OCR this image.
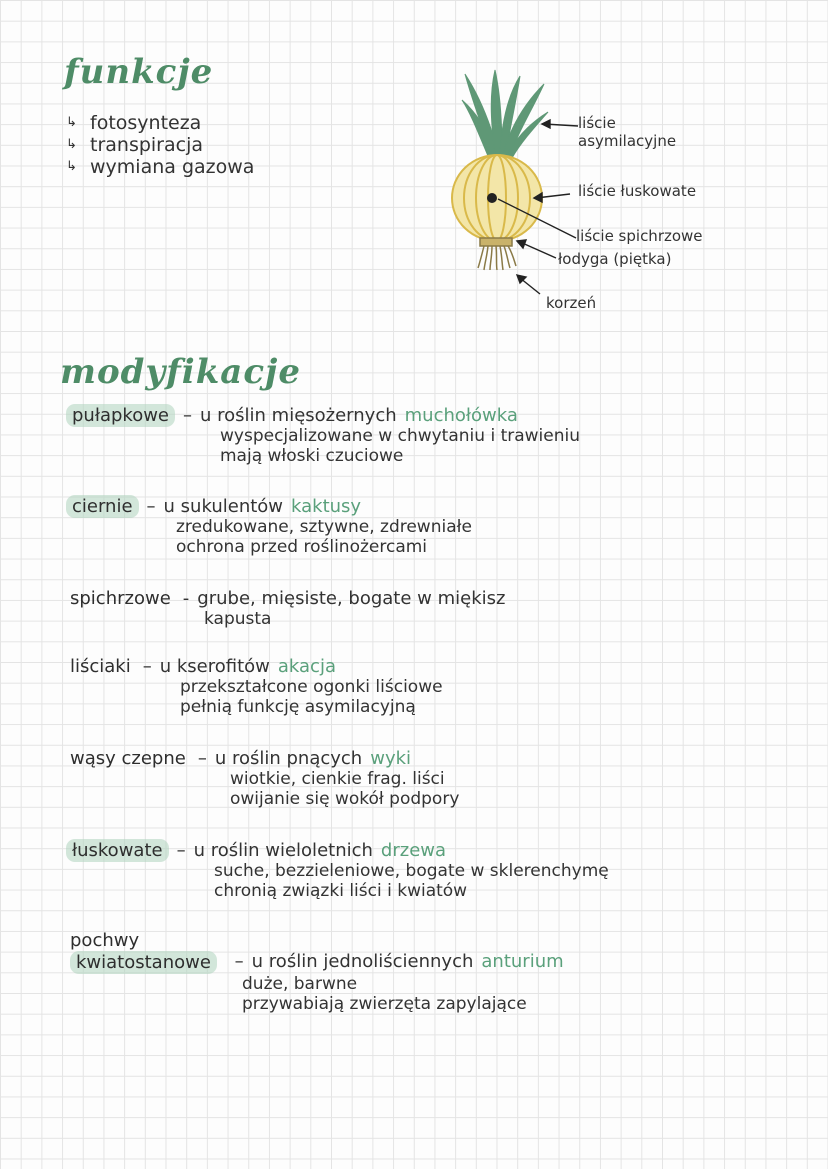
funkcje
↳ fotosynteza
↳ transpiracja
↳ wymiana gazowa
liście
asymilacyjne
liście łuskowate
liście spichrzowe
łodyga (piętka)
korzeń
modyfikacje
pułapkowe – u roślin mięsożernych muchołówka
wyspecjalizowane w chwytaniu i trawieniu
mają włoski czuciowe
ciernie – u sukulentów kaktusy
zredukowane, sztywne, zdrewniałe
ochrona przed roślinożercami
spichrzowe - grube, mięsiste, bogate w miękisz
kapusta
liściaki – u kserofitów akacja
przekształcone ogonki liściowe
pełnią funkcję asymilacyjną
wąsy czepne – u roślin pnących wyki
wiotkie, cienkie frag. liści
owijanie się wokół podpory
łuskowate – u roślin wieloletnich drzewa
suche, bezzieleniowe, bogate w sklerenchymę
chronią związki liści i kwiatów
pochwy
kwiatostanowe	– u roślin jednoliściennych anturium
duże, barwne
przywabiają zwierzęta zapylające
